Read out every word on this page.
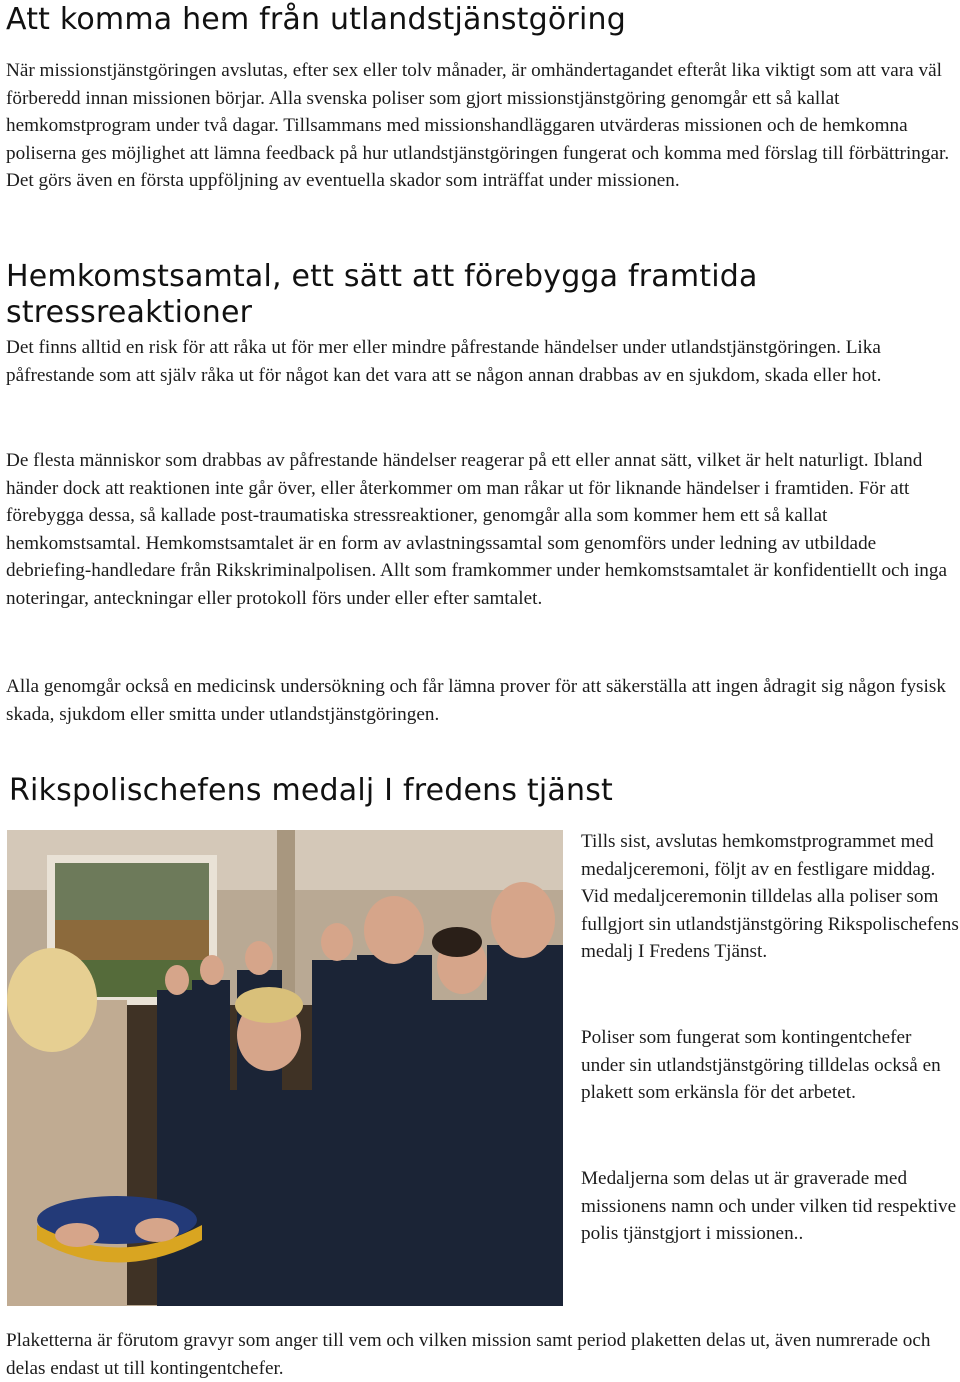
Att komma hem från utlandstjänstgöring

När missionstjänstgöringen avslutas, efter sex eller tolv månader, är omhändertagandet efteråt lika viktigt som att vara väl förberedd innan missionen börjar. Alla svenska poliser som gjort missionstjänstgöring genomgår ett så kallat hemkomstprogram under två dagar. Tillsammans med missionshandläggaren utvärderas missionen och de hemkomna poliserna ges möjlighet att lämna feedback på hur utlandstjänstgöringen fungerat och komma med förslag till förbättringar. Det görs även en första uppföljning av eventuella skador som inträffat under missionen.

Hemkomstsamtal, ett sätt att förebygga framtida stressreaktioner

Det finns alltid en risk för att råka ut för mer eller mindre påfrestande händelser under utlandstjänstgöringen. Lika påfrestande som att själv råka ut för något kan det vara att se någon annan drabbas av en sjukdom, skada eller hot.

De flesta människor som drabbas av påfrestande händelser reagerar på ett eller annat sätt, vilket är helt naturligt. Ibland händer dock att reaktionen inte går över, eller återkommer om man råkar ut för liknande händelser i framtiden. För att förebygga dessa, så kallade post-traumatiska stressreaktioner, genomgår alla som kommer hem ett så kallat hemkomstsamtal. Hemkomstsamtalet är en form av avlastningssamtal som genomförs under ledning av utbildade debriefing-handledare från Rikskriminalpolisen. Allt som framkommer under hemkomstsamtalet är konfidentiellt och inga noteringar, anteckningar eller protokoll förs under eller efter samtalet.

Alla genomgår också en medicinsk undersökning och får lämna prover för att säkerställa att ingen ådragit sig någon fysisk skada, sjukdom eller smitta under utlandstjänstgöringen.

Rikspolischefens medalj I fredens tjänst

Tills sist, avslutas hemkomstprogrammet med medaljceremoni, följt av en festligare middag. Vid medaljceremonin tilldelas alla poliser som fullgjort sin utlandstjänstgöring Rikspolischefens medalj I Fredens Tjänst.

Poliser som fungerat som kontingentchefer under sin utlandstjänstgöring tilldelas också en plakett som erkänsla för det arbetet.

Medaljerna som delas ut är graverade med missionens namn och under vilken tid respektive polis tjänstgjort i missionen..

Plaketterna är förutom gravyr som anger till vem och vilken mission samt period plaketten delas ut, även numrerade och delas endast ut till kontingentchefer.
